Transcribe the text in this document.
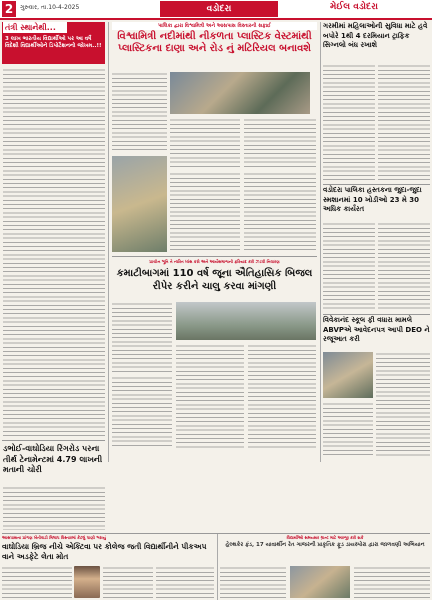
2	ગુરુવાર, તા.10-4-2025	વડોદરા	મેઈલ વડોદરા
તંત્રી સ્થાનેથી...
3 લાખ ભારતીય વિદ્યાર્થીઓ પર આ વર્ષે વિદેશી વિદ્યાર્થીઓને ડિપોર્ટેશનનો જોખમ..!!
ડભોઈ-વાઘોડિયા રિંગરોડ પરના તીર્થ ટેનામેન્ટમાં 4.79 લાખની મતાની ચોરી
પાલિકા દ્વારા વિશ્વામિત્રી અને આસપાસ વિસ્તારની સફાઈ
વિશ્વામિત્રી નદીમાંથી નીકળતા પ્લાસ્ટિક વેસ્ટમાંથી પ્લાસ્ટિકના દાણા અને રોડ નું મટિરિયલ બનાવશે
પ્રાચીન ભૂતિ તે ત્વરિત ધ્વંસ કરો અને આર્યસમાજની ફરિયાદ કરી ઝડપી નિવારણ
કમાટીબાગમાં 110 વર્ષ જૂના ઐતિહાસિક બિજલ રીપેર કરીને ચાલુ કરવા માંગણી
ગરમીમાં મહિલાઓની સુવિધા માટે હવે બપોરે 1થી 4 દરમિયાન ટ્રાફિક સિગ્નલો બંધ રખાશે
વડોદરા પાલિકા હસ્તકના જુદા-જુદા સ્મશાનમાં 10 ખોડીઓ 23 મે 30 અધિક કાર્યરત
વિવેકાનંદ સ્કૂલ ફી વધારા મામલે ABVPએ આવેદનપત્ર આપી DEO ને રજૂઆત કરી
આસપાસના પ્રાંગણ ખેતીવાડી મિલાપ વિસ્તારમાં કેટલું પાણી ભરાયું
વાઘોડિયા બ્રિજ નીચે એક્ટિવા પર કોલેજ જતી વિદ્યાર્થીનીને પીકઅપ વાને અડફેટે લેતા મોત
વિદ્યાર્થીઓ સમયસર ગ્રાન્ટ માટે અરજી કરી શકે
હેલ્થકેર ફંડ, 17 યાવાર્થીન રેત ગાજરની પ્રાકૃતિક ફૂડ ડાયસ્પોરા દ્વારા જાળવણી અભિયાન
